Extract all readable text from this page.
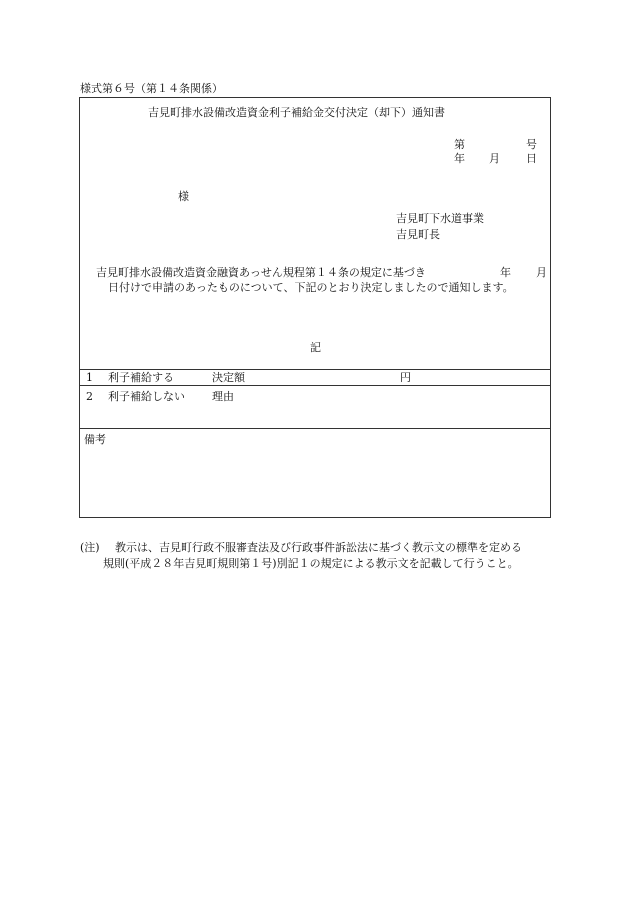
様式第６号（第１４条関係）
吉見町排水設備改造資金利子補給金交付決定（却下）通知書
第	号
年 月 日
様
吉見町下水道事業
吉見町長
吉見町排水設備改造資金融資あっせん規程第１４条の規定に基づき	年 月
日付けで申請のあったものについて、下記のとおり決定しましたので通知します。
記
1 利子補給する	決定額	円
2 利子補給しない 理由
備考
(注) 教示は、吉見町行政不服審査法及び行政事件訴訟法に基づく教示文の標準を定める
規則(平成２８年吉見町規則第１号)別記１の規定による教示文を記載して行うこと。
